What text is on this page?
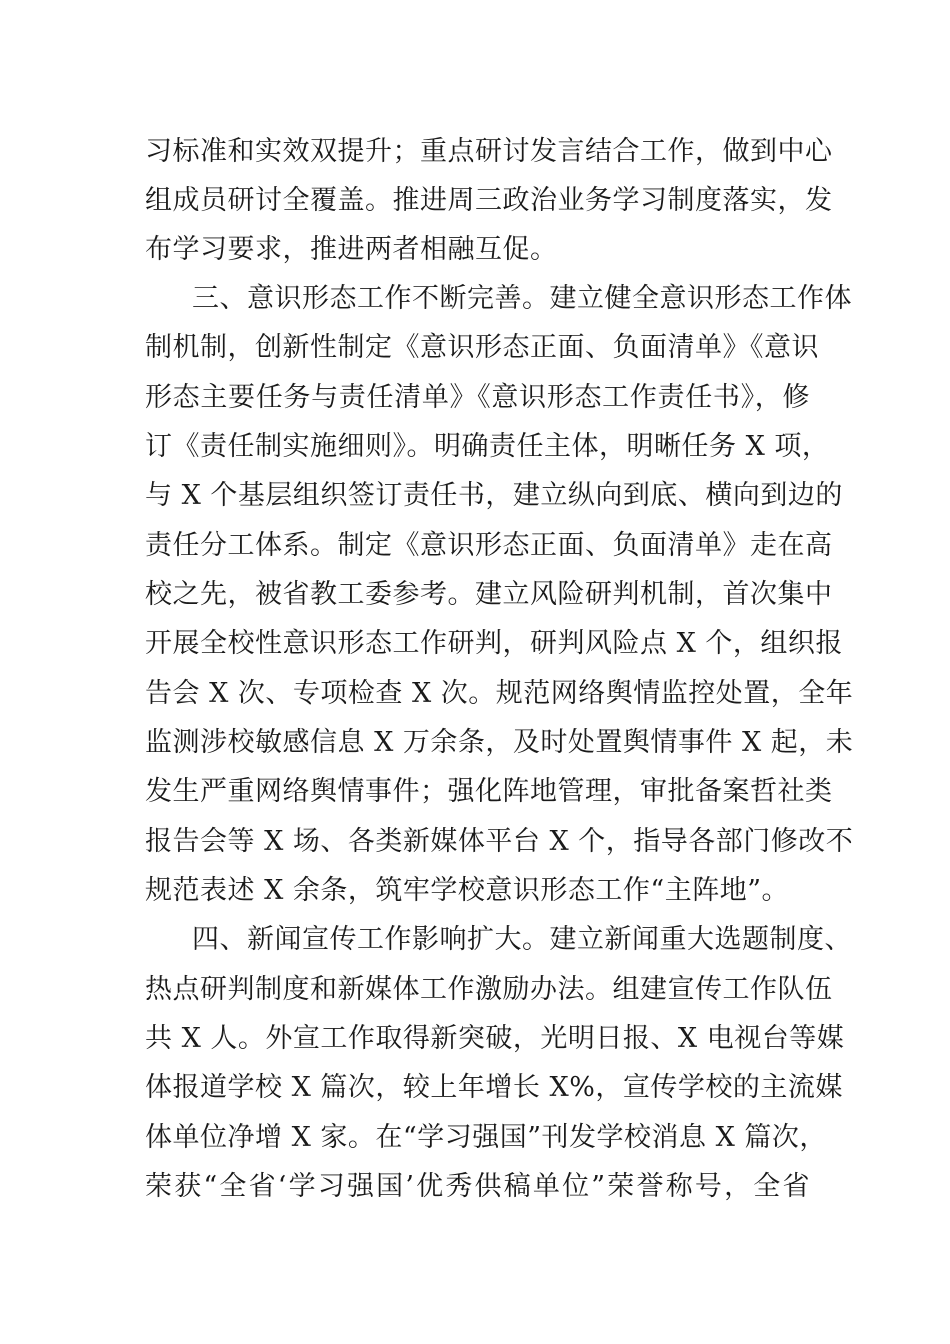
习标准和实效双提升；重点研讨发言结合工作，做到中心
组成员研讨全覆盖。推进周三政治业务学习制度落实，发
布学习要求，推进两者相融互促。
三、意识形态工作不断完善。建立健全意识形态工作体
制机制，创新性制定《意识形态正面、负面清单》《意识
形态主要任务与责任清单》《意识形态工作责任书》，修
订《责任制实施细则》。明确责任主体，明晰任务 X 项，
与 X 个基层组织签订责任书，建立纵向到底、横向到边的
责任分工体系。制定《意识形态正面、负面清单》走在高
校之先，被省教工委参考。建立风险研判机制，首次集中
开展全校性意识形态工作研判，研判风险点 X 个，组织报
告会 X 次、专项检查 X 次。规范网络舆情监控处置，全年
监测涉校敏感信息 X 万余条，及时处置舆情事件 X 起，未
发生严重网络舆情事件；强化阵地管理，审批备案哲社类
报告会等 X 场、各类新媒体平台 X 个，指导各部门修改不
规范表述 X 余条，筑牢学校意识形态工作“主阵地”。
四、新闻宣传工作影响扩大。建立新闻重大选题制度、
热点研判制度和新媒体工作激励办法。组建宣传工作队伍
共 X 人。外宣工作取得新突破，光明日报、X 电视台等媒
体报道学校 X 篇次，较上年增长 X%，宣传学校的主流媒
体单位净增 X 家。在“学习强国”刊发学校消息 X 篇次，
荣获“全省‘学习强国’优秀供稿单位”荣誉称号，全省
